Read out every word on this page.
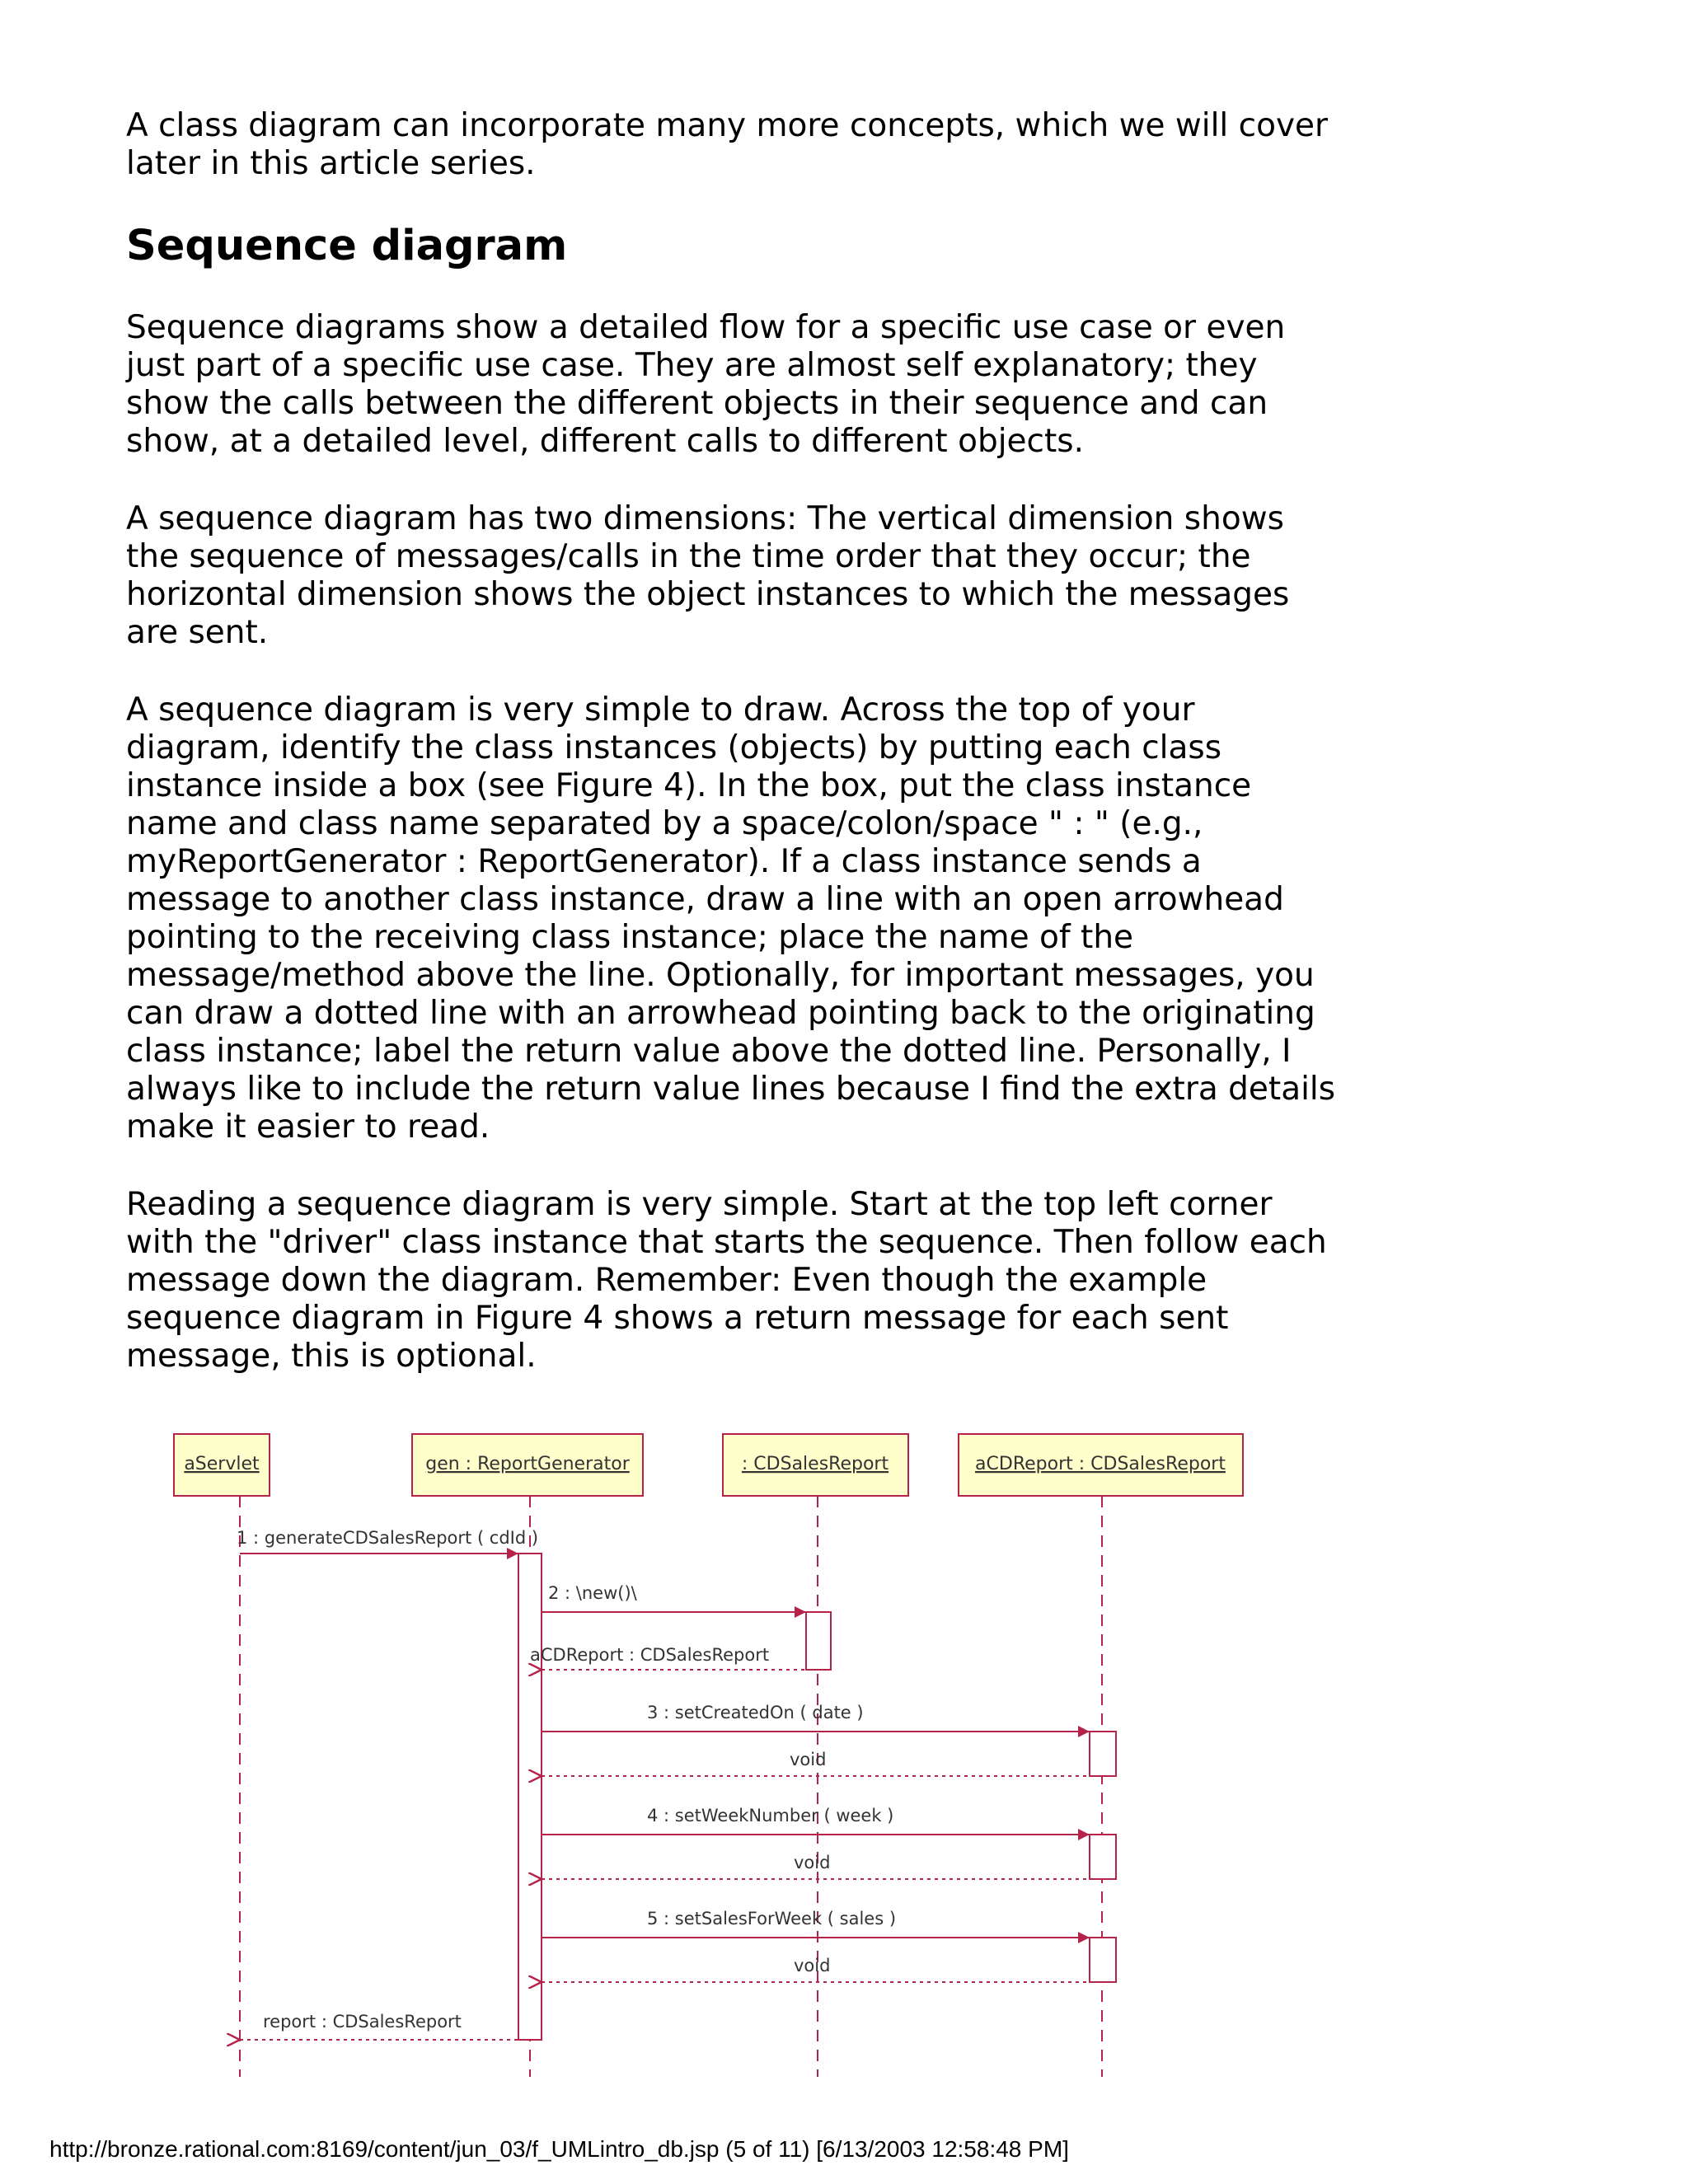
A class diagram can incorporate many more concepts, which we will cover later in this article series.

Sequence diagram

Sequence diagrams show a detailed flow for a specific use case or even just part of a specific use case. They are almost self explanatory; they show the calls between the different objects in their sequence and can show, at a detailed level, different calls to different objects.

A sequence diagram has two dimensions: The vertical dimension shows the sequence of messages/calls in the time order that they occur; the horizontal dimension shows the object instances to which the messages are sent.

A sequence diagram is very simple to draw. Across the top of your diagram, identify the class instances (objects) by putting each class instance inside a box (see Figure 4). In the box, put the class instance name and class name separated by a space/colon/space " : " (e.g., myReportGenerator : ReportGenerator). If a class instance sends a message to another class instance, draw a line with an open arrowhead pointing to the receiving class instance; place the name of the message/method above the line. Optionally, for important messages, you can draw a dotted line with an arrowhead pointing back to the originating class instance; label the return value above the dotted line. Personally, I always like to include the return value lines because I find the extra details make it easier to read.

Reading a sequence diagram is very simple. Start at the top left corner with the "driver" class instance that starts the sequence. Then follow each message down the diagram. Remember: Even though the example sequence diagram in Figure 4 shows a return message for each sent message, this is optional.

aServlet	gen : ReportGenerator	: CDSalesReport	aCDReport : CDSalesReport
1 : generateCDSalesReport ( cdId )
2 : \new()\
aCDReport : CDSalesReport
3 : setCreatedOn ( date )
void
4 : setWeekNumber ( week )
void
5 : setSalesForWeek ( sales )
void
report : CDSalesReport
http://bronze.rational.com:8169/content/jun_03/f_UMLintro_db.jsp (5 of 11) [6/13/2003 12:58:48 PM]
